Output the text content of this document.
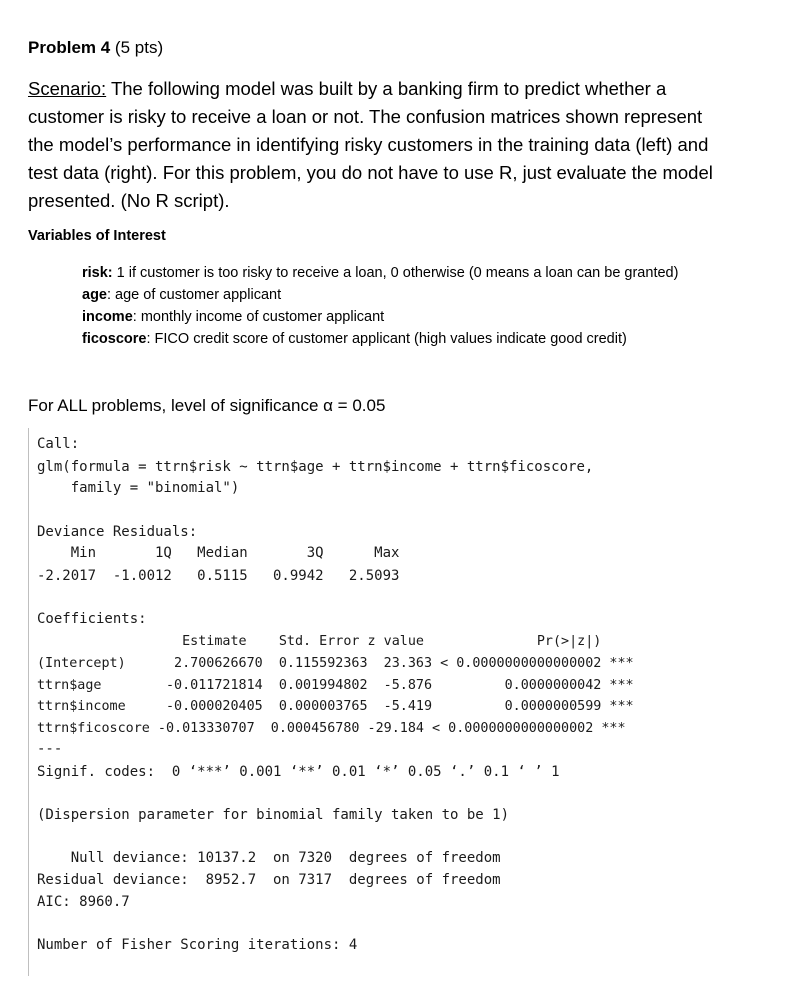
Problem 4 (5 pts)
Scenario: The following model was built by a banking firm to predict whether a customer is risky to receive a loan or not. The confusion matrices shown represent the model’s performance in identifying risky customers in the training data (left) and test data (right). For this problem, you do not have to use R, just evaluate the model presented. (No R script).
Variables of Interest

risk: 1 if customer is too risky to receive a loan, 0 otherwise (0 means a loan can be granted)

age: age of customer applicant

income: monthly income of customer applicant

ficoscore: FICO credit score of customer applicant (high values indicate good credit)

For ALL problems, level of significance α = 0.05
Call:
glm(formula = ttrn$risk ~ ttrn$age + ttrn$income + ttrn$ficoscore,
family = "binomial")
Deviance Residuals:
Min       1Q   Median       3Q      Max
-2.2017  -1.0012   0.5115   0.9942   2.5093
Coefficients:
Estimate    Std. Error z value              Pr(>|z|)
(Intercept)      2.700626670  0.115592363  23.363 < 0.0000000000000002 ***
ttrn$age        -0.011721814  0.001994802  -5.876         0.0000000042 ***
ttrn$income     -0.000020405  0.000003765  -5.419         0.0000000599 ***
ttrn$ficoscore -0.013330707  0.000456780 -29.184 < 0.0000000000000002 ***
---
Signif. codes:  0 ‘***’ 0.001 ‘**’ 0.01 ‘*’ 0.05 ‘.’ 0.1 ‘ ’ 1
(Dispersion parameter for binomial family taken to be 1)
Null deviance: 10137.2  on 7320  degrees of freedom
Residual deviance:  8952.7  on 7317  degrees of freedom
AIC: 8960.7
Number of Fisher Scoring iterations: 4
